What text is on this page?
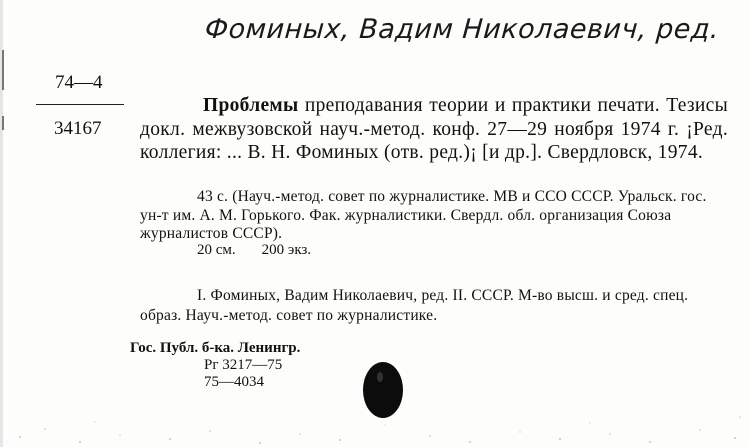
Фоминых, Вадим Николаевич, ред.
74—4
34167
Проблемы преподавания теории и практики печати. Тезисы докл. межвузовской науч.-метод. конф. 27—29 ноября 1974 г. ¡Ред. коллегия: ... В. Н. Фоминых (отв. ред.)¡ [и др.]. Свердловск, 1974.
43 с. (Науч.-метод. совет по журналистике. МВ и ССО СССР. Уральск. гос. ун-т им. А. М. Горького. Фак. журналистики. Свердл. обл. организация Союза журналистов СССР).
20 см. 200 экз.
I. Фоминых, Вадим Николаевич, ред. II. СССР. М-во высш. и сред. спец. образ. Науч.-метод. совет по журналистике.
Гос. Публ. б-ка. Ленингр.
Рг 3217—75
75—4034
